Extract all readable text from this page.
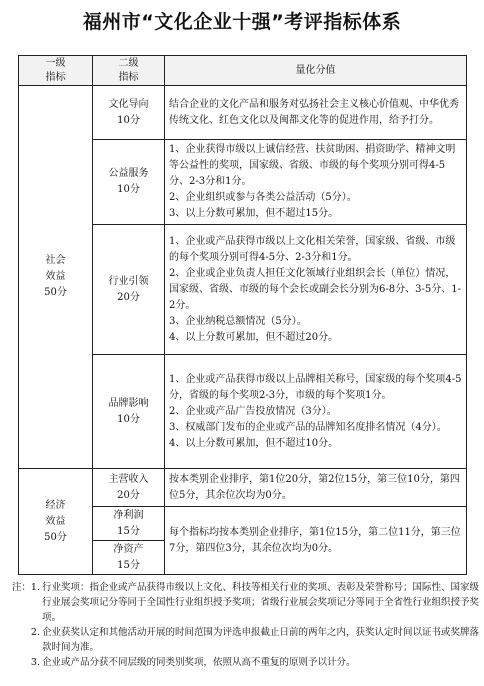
福州市“文化企业十强”考评指标体系
一级
指标	二级
指标	量化分值

社会
效益
50分	文化导向
10分	结合企业的文化产品和服务对弘扬社会主义核心价值观、中华优秀传统文化、红色文化以及闽都文化等的促进作用，给予打分。

	公益服务
10分	1、企业获得市级以上诚信经营、扶贫助困、捐资助学、精神文明等公益性的奖项，国家级、省级、市级的每个奖项分别可得4-5分、2-3分和1分。
2、企业组织或参与各类公益活动（5分）。
3、以上分数可累加，但不超过15分。

	行业引领
20分	1、企业或产品获得市级以上文化相关荣誉，国家级、省级、市级的每个奖项分别可得4-5分、2-3分和1分。
2、企业或企业负责人担任文化领域行业组织会长（单位）情况，国家级、省级、市级的每个会长或副会长分别为6-8分、3-5分、1-2分。
3、企业纳税总额情况（5分）。
4、以上分数可累加，但不超过20分。

	品牌影响
10分	1、企业或产品获得市级以上品牌相关称号，国家级的每个奖项4-5分，省级的每个奖项2-3分，市级的每个奖项1分。
2、企业或产品广告投放情况（3分）。
3、权威部门发布的企业或产品的品牌知名度排名情况（4分）。
4、以上分数可累加，但不超过10分。

经济
效益
50分	主营收入
20分	按本类别企业排序，第1位20分，第2位15分，第三位10分，第四位5分，其余位次均为0分。

	净利润
15分	每个指标均按本类别企业排序，第1位15分，第二位11分，第三位7分，第四位3分，其余位次均为0分。

	净资产
15分	
注：1. 行业奖项：指企业或产品获得市级以上文化、科技等相关行业的奖项、表彰及荣誉称号；国际性、国家级行业展会奖项记分等同于全国性行业组织授予奖项；省级行业展会奖项记分等同于全省性行业组织授予奖项。
2. 企业获奖认定和其他活动开展的时间范围为评选申报截止日前的两年之内，获奖认定时间以证书或奖牌落款时间为准。
3. 企业或产品分获不同层级的同类别奖项，依照从高不重复的原则予以计分。
